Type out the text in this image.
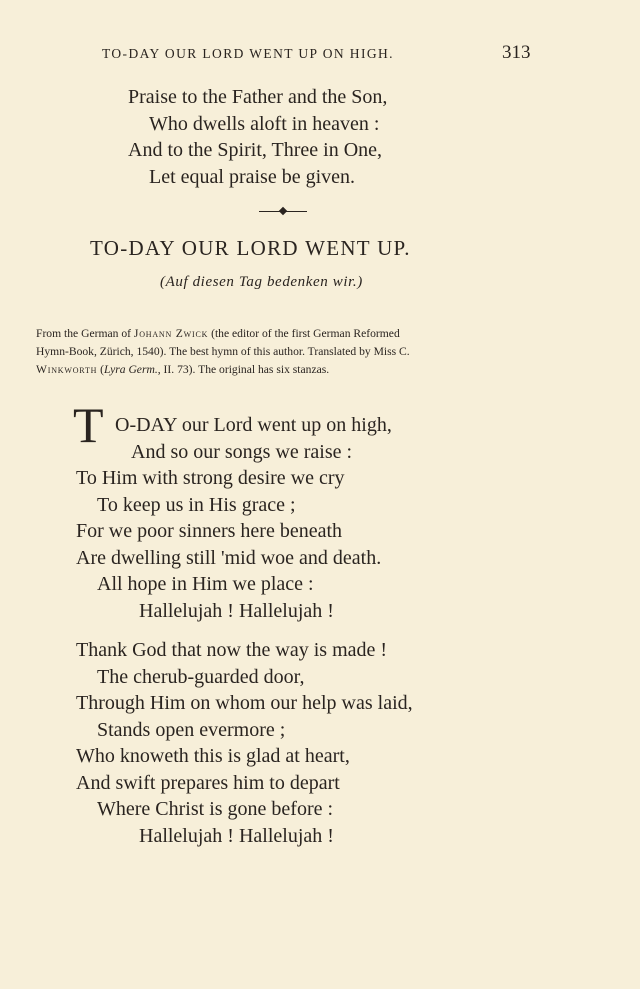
TO-DAY OUR LORD WENT UP ON HIGH.	313
Praise to the Father and the Son,
Who dwells aloft in heaven :
And to the Spirit, Three in One,
Let equal praise be given.
TO-DAY OUR LORD WENT UP.
(Auf diesen Tag bedenken wir.)
From the German of Johann Zwick (the editor of the first German Reformed
Hymn-Book, Zürich, 1540). The best hymn of this author. Translated by Miss C.
Winkworth (Lyra Germ., II. 73). The original has six stanzas.
T O-DAY our Lord went up on high,
And so our songs we raise :
To Him with strong desire we cry
To keep us in His grace ;
For we poor sinners here beneath
Are dwelling still 'mid woe and death.
All hope in Him we place :
Hallelujah ! Hallelujah !
Thank God that now the way is made !
The cherub-guarded door,
Through Him on whom our help was laid,
Stands open evermore ;
Who knoweth this is glad at heart,
And swift prepares him to depart
Where Christ is gone before :
Hallelujah ! Hallelujah !
